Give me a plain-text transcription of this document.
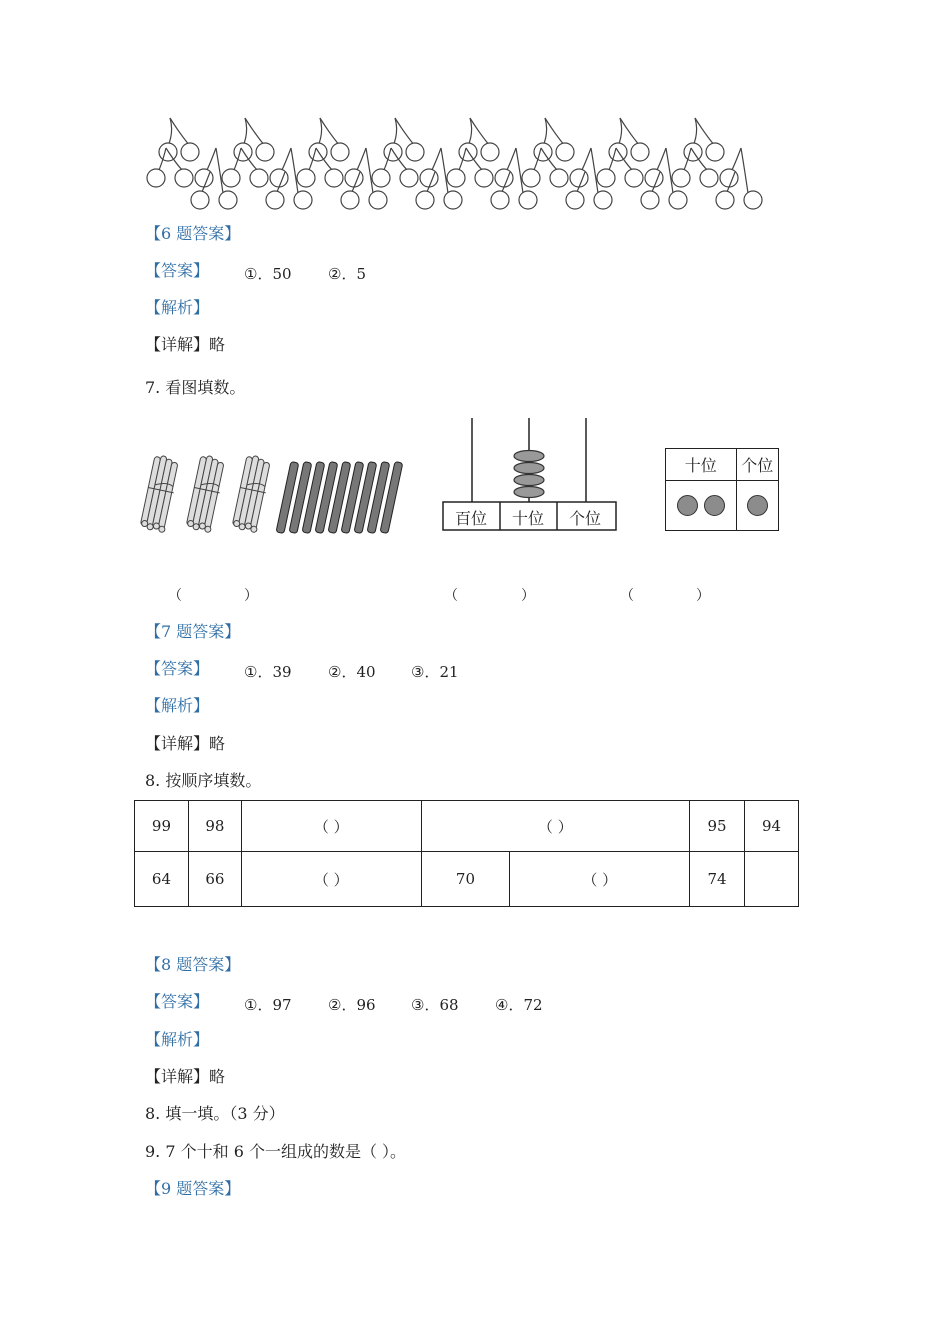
【6 题答案】
【答案】 ①．50 ②．5
【解析】
【详解】略
7. 看图填数。
百位 十位 个位
十位	个位

（	）	（	）	（	）
【7 题答案】
【答案】 ①．39 ②．40 ③．21
【解析】
【详解】略
8. 按顺序填数。
99	98	（ ）	（ ）		95	94
64	66	（ ）	70	（ ）	74	
【8 题答案】
【答案】 ①．97 ②．96 ③．68 ④．72
【解析】
【详解】略
8. 填一填。（3 分）
9. 7 个十和 6 个一组成的数是（ ）。
【9 题答案】
